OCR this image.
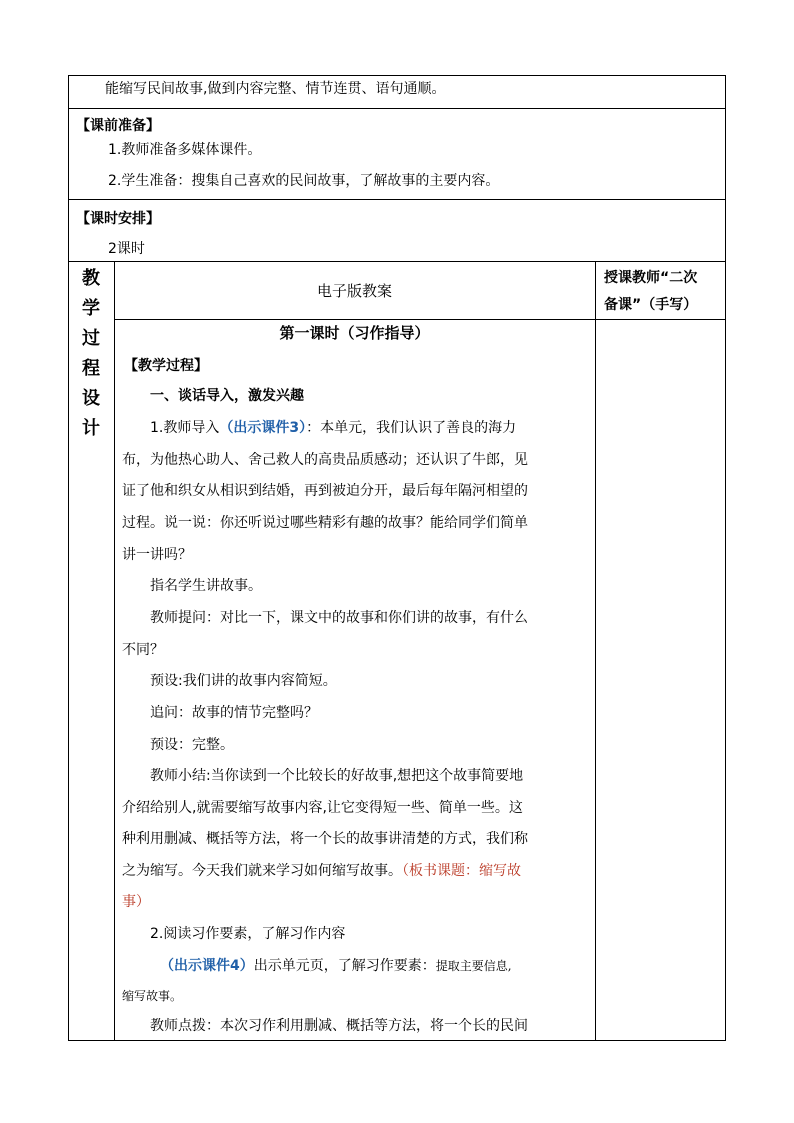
能缩写民间故事,做到内容完整、情节连贯、语句通顺。
【课前准备】
1.教师准备多媒体课件。
2.学生准备：搜集自己喜欢的民间故事，了解故事的主要内容。
【课时安排】
2课时
教
学
过
程
设
计
电子版教案
授课教师“二次
备课”（手写）
第一课时（习作指导）
【教学过程】
一、谈话导入，激发兴趣
1.教师导入（出示课件3）：本单元，我们认识了善良的海力
布，为他热心助人、舍己救人的高贵品质感动；还认识了牛郎，见
证了他和织女从相识到结婚，再到被迫分开，最后每年隔河相望的
过程。说一说：你还听说过哪些精彩有趣的故事？能给同学们简单
讲一讲吗？
指名学生讲故事。
教师提问：对比一下，课文中的故事和你们讲的故事，有什么
不同？
预设:我们讲的故事内容简短。
追问：故事的情节完整吗？
预设：完整。
教师小结:当你读到一个比较长的好故事,想把这个故事简要地
介绍给别人,就需要缩写故事内容,让它变得短一些、简单一些。这
种利用删减、概括等方法，将一个长的故事讲清楚的方式，我们称
之为缩写。今天我们就来学习如何缩写故事。（板书课题：缩写故
事）
2.阅读习作要素，了解习作内容
（出示课件4）出示单元页，了解习作要素：提取主要信息,
缩写故事。
教师点拨：本次习作利用删减、概括等方法，将一个长的民间
